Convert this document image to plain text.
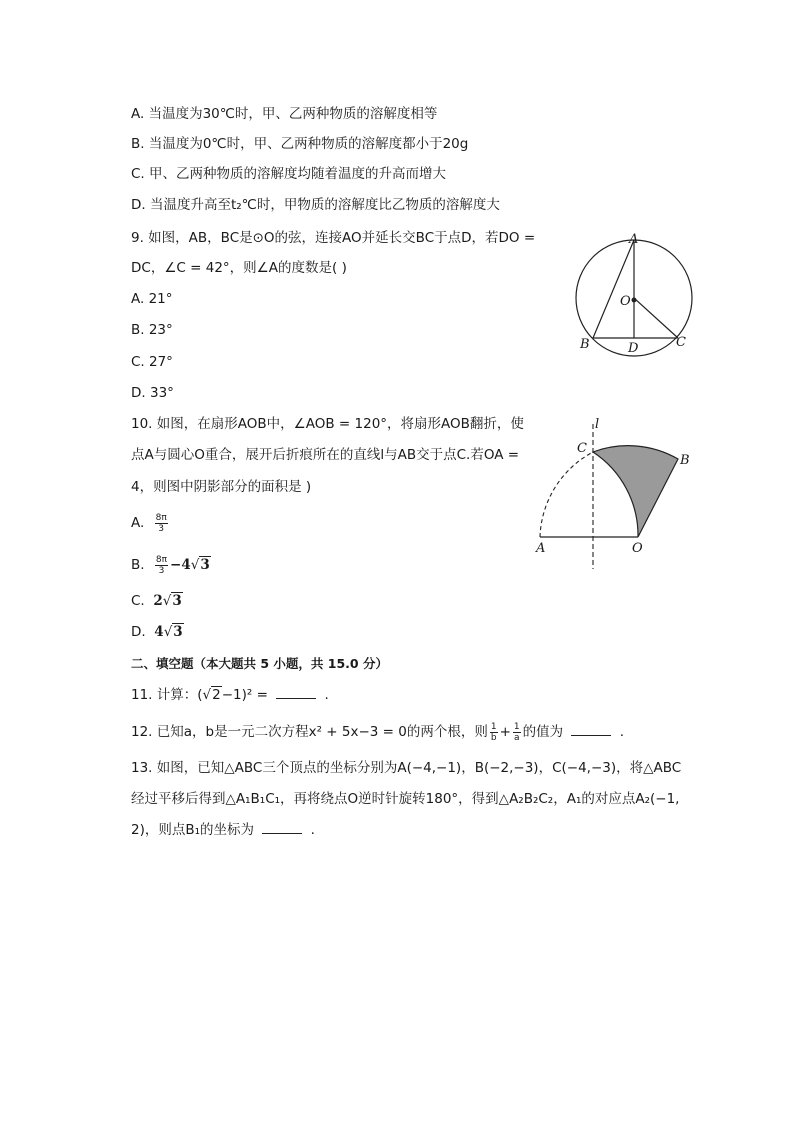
A. 当温度为30℃时，甲、乙两种物质的溶解度相等
B. 当温度为0℃时，甲、乙两种物质的溶解度都小于20g
C. 甲、乙两种物质的溶解度均随着温度的升高而增大
D. 当温度升高至t₂℃时，甲物质的溶解度比乙物质的溶解度大
9. 如图，AB，BC是⊙O的弦，连接AO并延长交BC于点D，若DO =
DC，∠C = 42°，则∠A的度数是( )
A. 21°
B. 23°
C. 27°
D. 33°
A
O
B	D	C
10. 如图，在扇形AOB中，∠AOB = 120°，将扇形AOB翻折，使
点A与圆心O重合，展开后折痕所在的直线l与AB交于点C.若OA =
4，则图中阴影部分的面积是 )
A. $\frac{8\pi}{3}$
B. $\frac{8\pi}{3} -4√3$
C. 2√3
D. 4√3
l
C
B
A	O
二、填空题（本大题共 5 小题，共 15.0 分）
11. 计算：(√2−1)² =	.
12. 已知a，b是一元二次方程x² + 5x−3 = 0的两个根，则 $\frac{1}{b} + \frac{1}{a}$ 的值为	.
13. 如图，已知△ABC三个顶点的坐标分别为A(−4,−1)，B(−2,−3)，C(−4,−3)，将△ABC
经过平移后得到△A₁B₁C₁，再将绕点O逆时针旋转180°，得到△A₂B₂C₂，A₁的对应点A₂(−1,
2)，则点B₁的坐标为	.
